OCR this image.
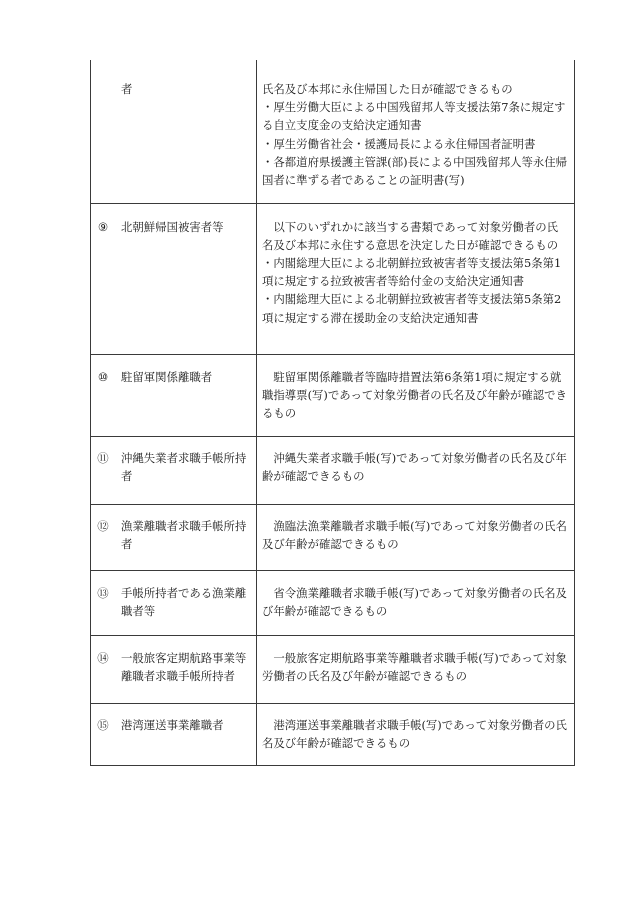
者	氏名及び本邦に永住帰国した日が確認できるもの
・厚生労働大臣による中国残留邦人等支援法第7条に規定する自立支度金の支給決定通知書
・厚生労働省社会・援護局長による永住帰国者証明書
・各都道府県援護主管課(部)長による中国残留邦人等永住帰国者に準ずる者であることの証明書(写)

⑨ 北朝鮮帰国被害者等	以下のいずれかに該当する書類であって対象労働者の氏名及び本邦に永住する意思を決定した日が確認できるもの
・内閣総理大臣による北朝鮮拉致被害者等支援法第5条第1項に規定する拉致被害者等給付金の支給決定通知書
・内閣総理大臣による北朝鮮拉致被害者等支援法第5条第2項に規定する滞在援助金の支給決定通知書

⑩ 駐留軍関係離職者	駐留軍関係離職者等臨時措置法第6条第1項に規定する就職指導票(写)であって対象労働者の氏名及び年齢が確認できるもの

⑪ 沖縄失業者求職手帳所持者	沖縄失業者求職手帳(写)であって対象労働者の氏名及び年齢が確認できるもの

⑫ 漁業離職者求職手帳所持者	漁臨法漁業離職者求職手帳(写)であって対象労働者の氏名及び年齢が確認できるもの

⑬ 手帳所持者である漁業離職者等	省令漁業離職者求職手帳(写)であって対象労働者の氏名及び年齢が確認できるもの

⑭ 一般旅客定期航路事業等離職者求職手帳所持者	一般旅客定期航路事業等離職者求職手帳(写)であって対象労働者の氏名及び年齢が確認できるもの

⑮ 港湾運送事業離職者	港湾運送事業離職者求職手帳(写)であって対象労働者の氏名及び年齢が確認できるもの
